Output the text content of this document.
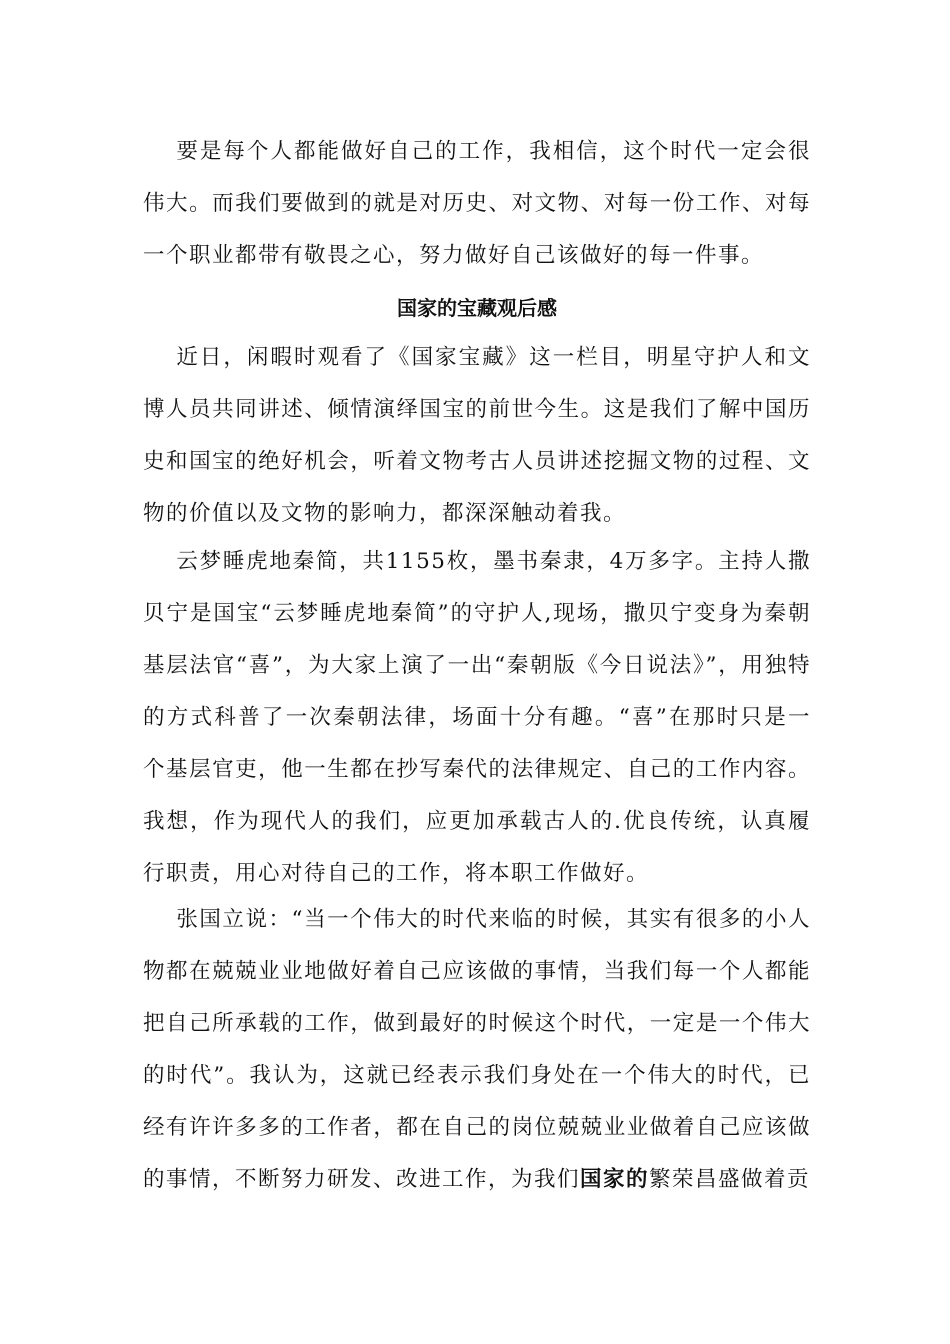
要是每个人都能做好自己的工作，我相信，这个时代一定会很伟大。而我们要做到的就是对历史、对文物、对每一份工作、对每一个职业都带有敬畏之心，努力做好自己该做好的每一件事。

国家的宝藏观后感

近日，闲暇时观看了《国家宝藏》这一栏目，明星守护人和文博人员共同讲述、倾情演绎国宝的前世今生。这是我们了解中国历史和国宝的绝好机会，听着文物考古人员讲述挖掘文物的过程、文物的价值以及文物的影响力，都深深触动着我。

云梦睡虎地秦简，共1155枚，墨书秦隶，4万多字。主持人撒贝宁是国宝“云梦睡虎地秦简”的守护人,现场，撒贝宁变身为秦朝基层法官“喜”，为大家上演了一出“秦朝版《今日说法》”，用独特的方式科普了一次秦朝法律，场面十分有趣。“喜”在那时只是一个基层官吏，他一生都在抄写秦代的法律规定、自己的工作内容。我想，作为现代人的我们，应更加承载古人的.优良传统，认真履行职责，用心对待自己的工作，将本职工作做好。

张国立说：“当一个伟大的时代来临的时候，其实有很多的小人物都在兢兢业业地做好着自己应该做的事情，当我们每一个人都能把自己所承载的工作，做到最好的时候这个时代，一定是一个伟大的时代”。我认为，这就已经表示我们身处在一个伟大的时代，已经有许许多多的工作者，都在自己的岗位兢兢业业做着自己应该做的事情，不断努力研发、改进工作，为我们国家的繁荣昌盛做着贡
